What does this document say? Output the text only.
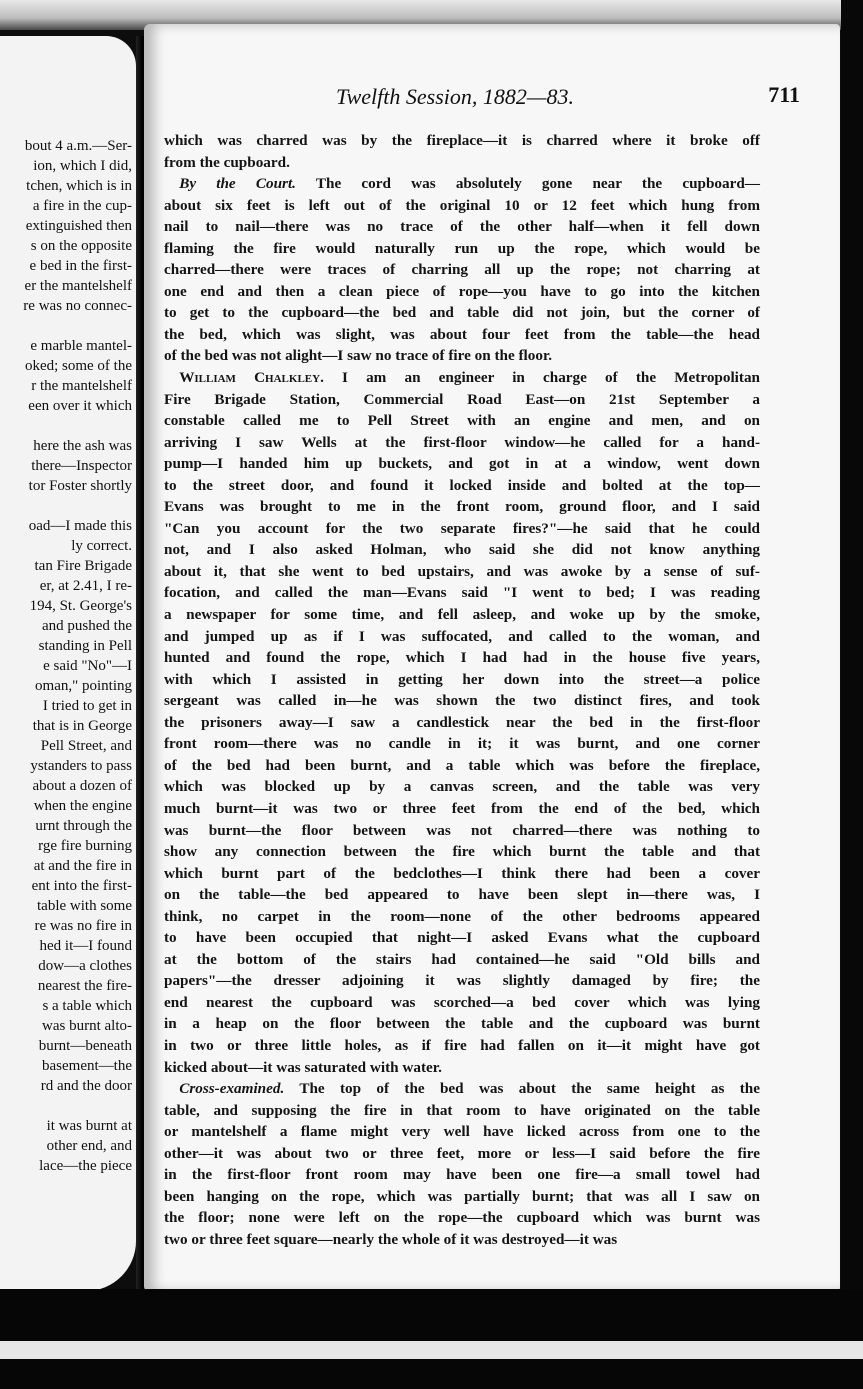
bout 4 a.m.—Ser-
ion, which I did,
tchen, which is in
a fire in the cup-
extinguished then
s on the opposite
e bed in the first-
er the mantelshelf
re was no connec-

e marble mantel-
oked; some of the
r the mantelshelf
een over it which

here the ash was
there—Inspector
tor Foster shortly

oad—I made this
ly correct.
tan Fire Brigade
er, at 2.41, I re-
194, St. George's
and pushed the
standing in Pell
e said "No"—I
oman," pointing
I tried to get in
that is in George
Pell Street, and
ystanders to pass
about a dozen of
when the engine
urnt through the
rge fire burning
at and the fire in
ent into the first-
table with some
re was no fire in
hed it—I found
dow—a clothes
nearest the fire-
s a table which
was burnt alto-
burnt—beneath
basement—the
rd and the door

it was burnt at
other end, and
lace—the piece
Twelfth Session, 1882—83.	711

which was charred was by the fireplace—it is charred where it broke off
from the cupboard.

 By the Court. The cord was absolutely gone near the cupboard—
about six feet is left out of the original 10 or 12 feet which hung from
nail to nail—there was no trace of the other half—when it fell down
flaming the fire would naturally run up the rope, which would be
charred—there were traces of charring all up the rope; not charring at
one end and then a clean piece of rope—you have to go into the kitchen
to get to the cupboard—the bed and table did not join, but the corner of
the bed, which was slight, was about four feet from the table—the head
of the bed was not alight—I saw no trace of fire on the floor.

 William Chalkley. I am an engineer in charge of the Metropolitan
Fire Brigade Station, Commercial Road East—on 21st September a
constable called me to Pell Street with an engine and men, and on
arriving I saw Wells at the first-floor window—he called for a hand-
pump—I handed him up buckets, and got in at a window, went down
to the street door, and found it locked inside and bolted at the top—
Evans was brought to me in the front room, ground floor, and I said
"Can you account for the two separate fires?"—he said that he could
not, and I also asked Holman, who said she did not know anything
about it, that she went to bed upstairs, and was awoke by a sense of suf-
focation, and called the man—Evans said "I went to bed; I was reading
a newspaper for some time, and fell asleep, and woke up by the smoke,
and jumped up as if I was suffocated, and called to the woman, and
hunted and found the rope, which I had had in the house five years,
with which I assisted in getting her down into the street—a police
sergeant was called in—he was shown the two distinct fires, and took
the prisoners away—I saw a candlestick near the bed in the first-floor
front room—there was no candle in it; it was burnt, and one corner
of the bed had been burnt, and a table which was before the fireplace,
which was blocked up by a canvas screen, and the table was very
much burnt—it was two or three feet from the end of the bed, which
was burnt—the floor between was not charred—there was nothing to
show any connection between the fire which burnt the table and that
which burnt part of the bedclothes—I think there had been a cover
on the table—the bed appeared to have been slept in—there was, I
think, no carpet in the room—none of the other bedrooms appeared
to have been occupied that night—I asked Evans what the cupboard
at the bottom of the stairs had contained—he said "Old bills and
papers"—the dresser adjoining it was slightly damaged by fire; the
end nearest the cupboard was scorched—a bed cover which was lying
in a heap on the floor between the table and the cupboard was burnt
in two or three little holes, as if fire had fallen on it—it might have got
kicked about—it was saturated with water.

 Cross-examined. The top of the bed was about the same height as the
table, and supposing the fire in that room to have originated on the table
or mantelshelf a flame might very well have licked across from one to the
other—it was about two or three feet, more or less—I said before the fire
in the first-floor front room may have been one fire—a small towel had
been hanging on the rope, which was partially burnt; that was all I saw on
the floor; none were left on the rope—the cupboard which was burnt was
two or three feet square—nearly the whole of it was destroyed—it was
